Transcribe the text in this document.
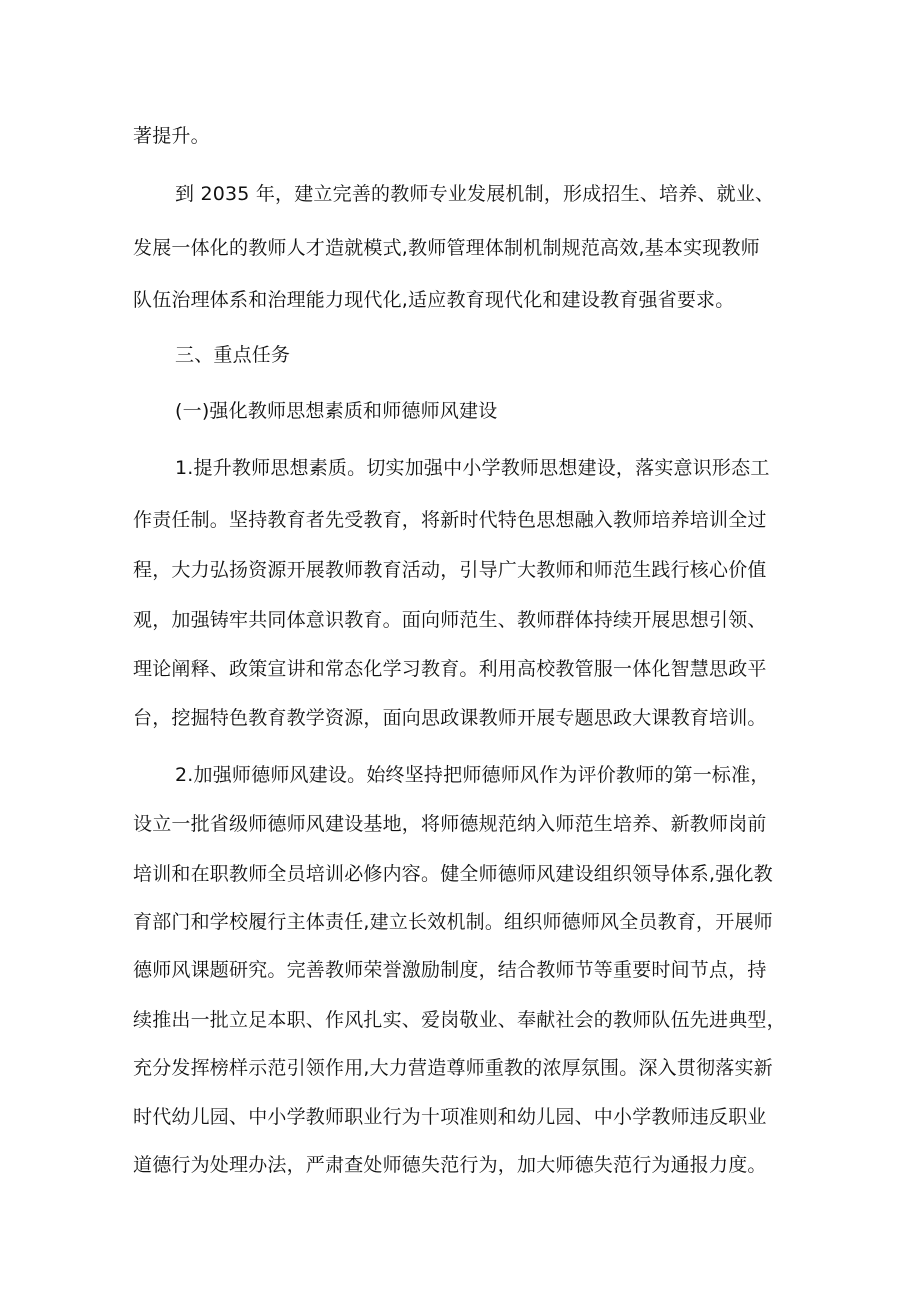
著提升。
到 2035 年，建立完善的教师专业发展机制，形成招生、培养、就业、
发展一体化的教师人才造就模式,教师管理体制机制规范高效,基本实现教师
队伍治理体系和治理能力现代化,适应教育现代化和建设教育强省要求。
三、重点任务
(一)强化教师思想素质和师德师风建设
1.提升教师思想素质。切实加强中小学教师思想建设，落实意识形态工
作责任制。坚持教育者先受教育，将新时代特色思想融入教师培养培训全过
程，大力弘扬资源开展教师教育活动，引导广大教师和师范生践行核心价值
观，加强铸牢共同体意识教育。面向师范生、教师群体持续开展思想引领、
理论阐释、政策宣讲和常态化学习教育。利用高校教管服一体化智慧思政平
台，挖掘特色教育教学资源，面向思政课教师开展专题思政大课教育培训。
2.加强师德师风建设。始终坚持把师德师风作为评价教师的第一标准，
设立一批省级师德师风建设基地，将师德规范纳入师范生培养、新教师岗前
培训和在职教师全员培训必修内容。健全师德师风建设组织领导体系,强化教
育部门和学校履行主体责任,建立长效机制。组织师德师风全员教育，开展师
德师风课题研究。完善教师荣誉激励制度，结合教师节等重要时间节点，持
续推出一批立足本职、作风扎实、爱岗敬业、奉献社会的教师队伍先进典型，
充分发挥榜样示范引领作用,大力营造尊师重教的浓厚氛围。深入贯彻落实新
时代幼儿园、中小学教师职业行为十项准则和幼儿园、中小学教师违反职业
道德行为处理办法，严肃查处师德失范行为，加大师德失范行为通报力度。
